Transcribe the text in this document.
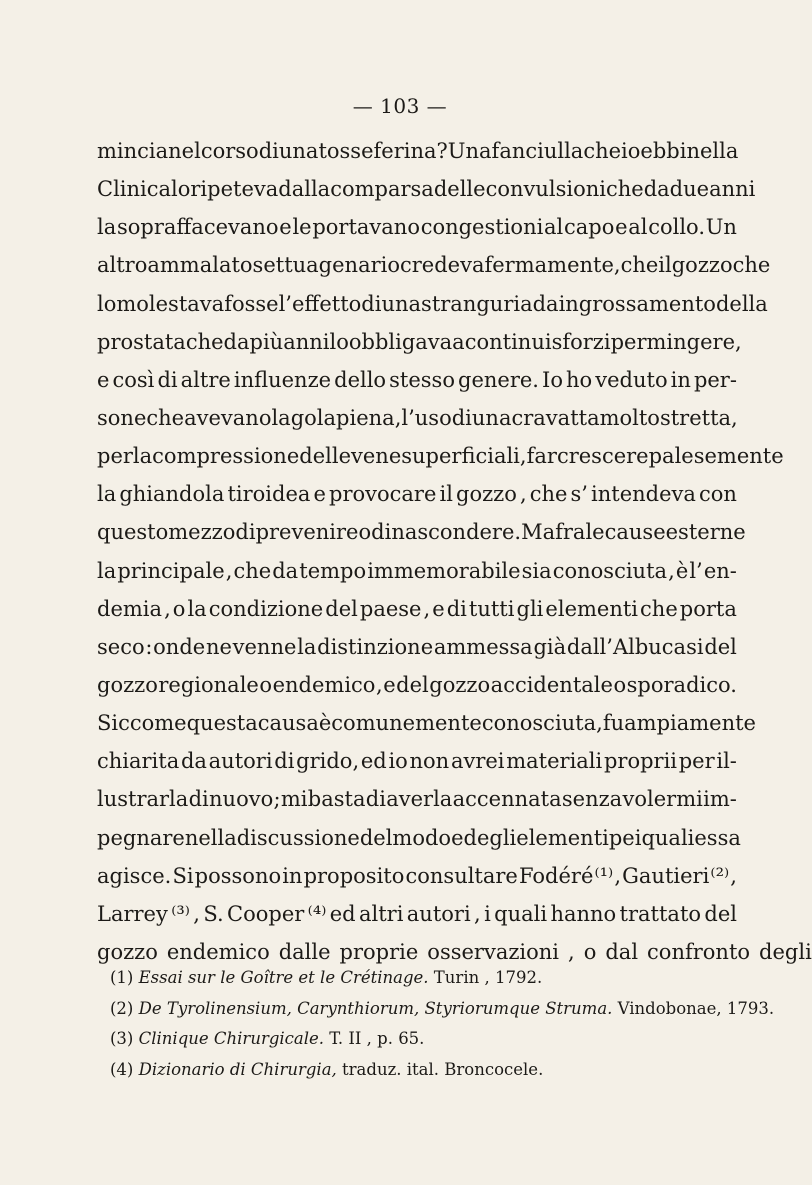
— 103 —
mincia nel corso di una tosse ferina? Una fanciulla che io ebbi nella
Clinica lo ripeteva dalla comparsa delle convulsioni che da due anni
la sopraffacevano e le portavano congestioni al capo e al collo. Un
altro ammalato settuagenario credeva fermamente, che il gozzo che
lo molestava fosse l’ effetto di una stranguria da ingrossamento della
prostata che da più anni lo obbligava a continui sforzi per mingere,
e così di altre influenze dello stesso genere. Io ho veduto in per-
sone che avevano la gola piena , l’ uso di una cravatta molto stretta,
per la compressione delle vene superficiali , far crescere palesemente
la ghiandola tiroidea e provocare il gozzo , che s’ intendeva con
questo mezzo di prevenire o di nascondere. Ma fra le cause esterne
la principale , che da tempo immemorabile sia conosciuta , è l’ en-
demia , o la condizione del paese , e di tutti gli elementi che porta
seco : onde ne venne la distinzione ammessa già dall’Albucasi del
gozzo regionale o endemico , e del gozzo accidentale o sporadico.
Siccome questa causa è comunemente conosciuta , fu ampiamente
chiarita da autori di grido, ed io non avrei materiali proprii per il-
lustrarla di nuovo ; mi basta di averla accennata senza volermi im-
pegnare nella discussione del modo e degli elementi pei quali essa
agisce. Si possono in proposito consultare Fodéré ⁽¹⁾ , Gautieri ⁽²⁾ ,
Larrey ⁽³⁾ , S. Cooper ⁽⁴⁾ ed altri autori , i quali hanno trattato del
gozzo endemico dalle proprie osservazioni , o dal confronto degli
(1) Essai sur le Goître et le Crétinage. Turin , 1792.
(2) De Tyrolinensium, Carynthiorum, Styriorumque Struma. Vindobonae, 1793.
(3) Clinique Chirurgicale. T. II , p. 65.
(4) Dizionario di Chirurgia, traduz. ital. Broncocele.
